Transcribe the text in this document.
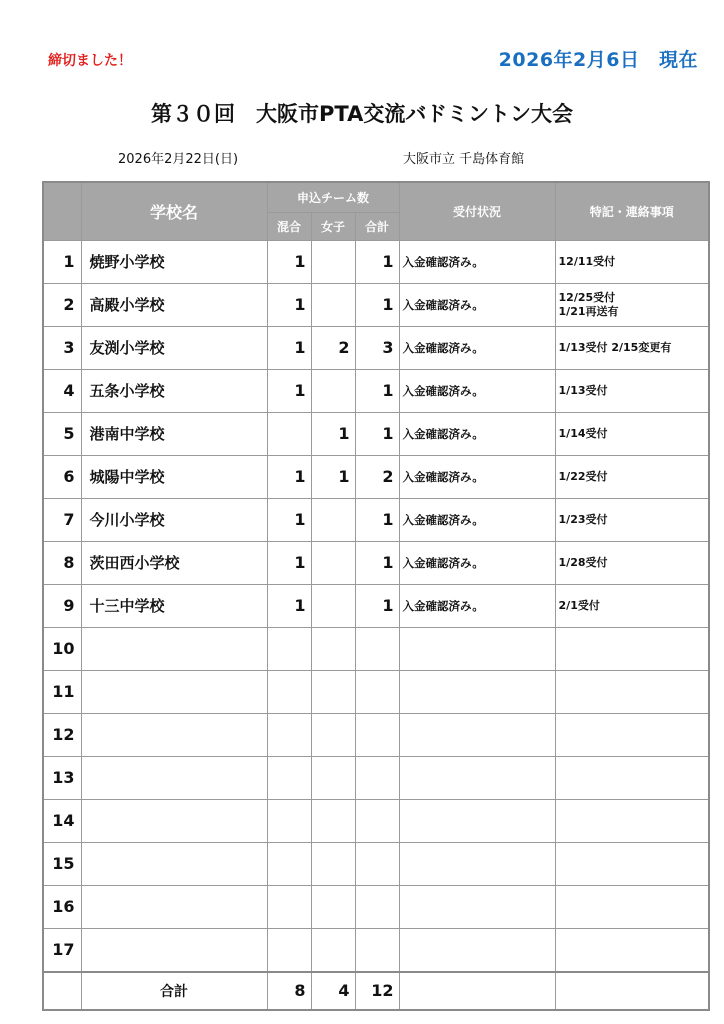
締切ました！	2026年2月6日　現在
第３０回　大阪市PTA交流バドミントン大会
2026年2月22日(日)	大阪市立 千島体育館
	学校名	申込チーム数			受付状況	特記・連絡事項
		混合	女子	合計		
1	焼野小学校	1		1	入金確認済み。	12/11受付

2	高殿小学校	1		1	入金確認済み。	12/25受付
1/21再送有

3	友渕小学校	1	2	3	入金確認済み。	1/13受付 2/15変更有

4	五条小学校	1		1	入金確認済み。	1/13受付

5	港南中学校		1	1	入金確認済み。	1/14受付

6	城陽中学校	1	1	2	入金確認済み。	1/22受付

7	今川小学校	1		1	入金確認済み。	1/23受付

8	茨田西小学校	1		1	入金確認済み。	1/28受付

9	十三中学校	1		1	入金確認済み。	2/1受付

10						

11						

12						

13						

14						

15						

16						

17						

	合計	8	4	12		
